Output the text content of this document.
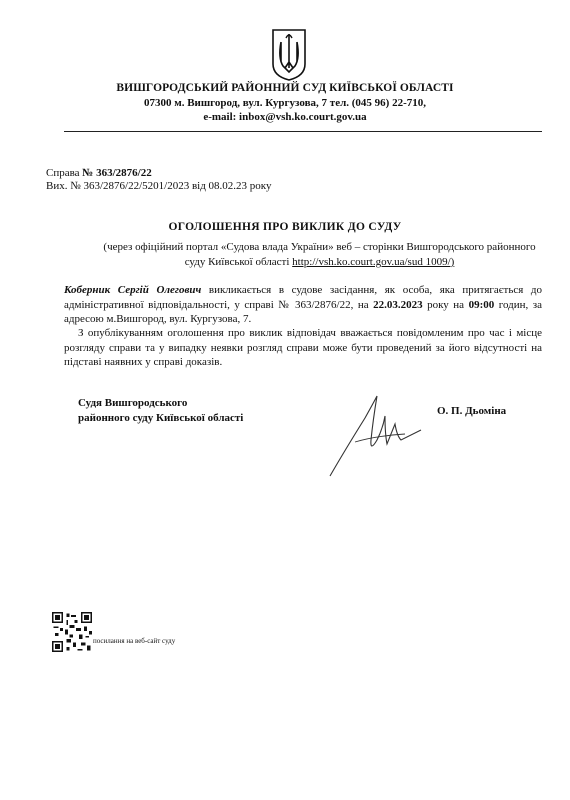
ВИШГОРОДСЬКИЙ РАЙОННИЙ СУД КИЇВСЬКОЇ ОБЛАСТІ
07300 м. Вишгород, вул. Кургузова, 7 тел. (045 96) 22-710,
e-mail: inbox@vsh.ko.court.gov.ua
Справа № 363/2876/22
Вих. № 363/2876/22/5201/2023 від 08.02.23 року
ОГОЛОШЕННЯ ПРО ВИКЛИК ДО СУДУ
(через офіційний портал «Судова влада України» веб – сторінки Вишгородського районного суду Київської області http://vsh.ko.court.gov.ua/sud 1009/)
Коберник Сергій Олегович викликається в судове засідання, як особа, яка притягається до адміністративної відповідальності, у справі № 363/2876/22, на 22.03.2023 року на 09:00 годин, за адресою м.Вишгород, вул. Кургузова, 7.
З опублікуванням оголошення про виклик відповідач вважається повідомленим про час і місце розгляду справи та у випадку неявки розгляд справи може бути проведений за його відсутності на підставі наявних у справі доказів.
Судя Вишгородського
районного суду Київської області
О. П. Дьоміна
посилання на веб-сайт суду
